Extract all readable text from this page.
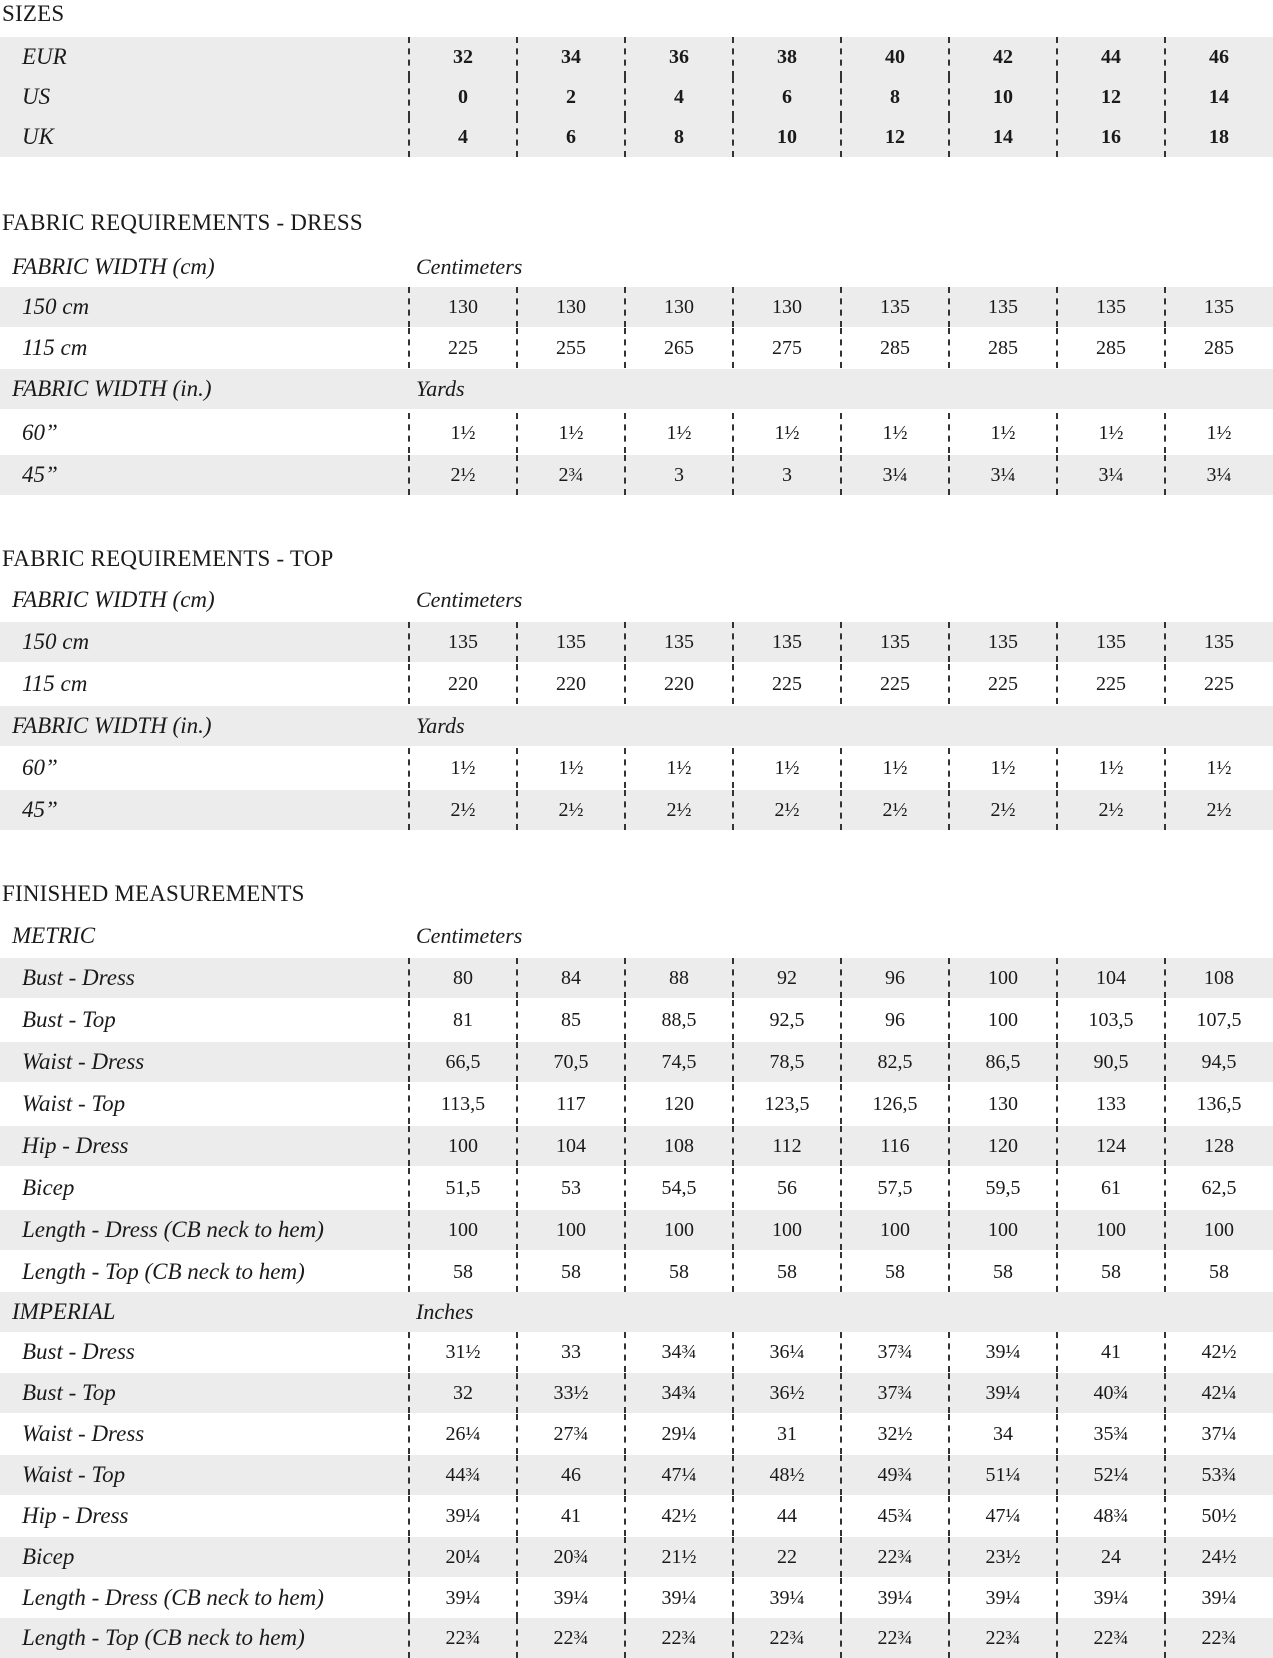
SIZES
EUR	32	34	36	38	40	42	44	46
US	0	2	4	6	8	10	12	14
UK	4	6	8	10	12	14	16	18
FABRIC REQUIREMENTS - DRESS
FABRIC WIDTH (cm)	Centimeters
150 cm	130	130	130	130	135	135	135	135
115 cm	225	255	265	275	285	285	285	285
FABRIC WIDTH (in.)	Yards
60”	1½	1½	1½	1½	1½	1½	1½	1½
45”	2½	2¾	3	3	3¼	3¼	3¼	3¼
FABRIC REQUIREMENTS - TOP
FABRIC WIDTH (cm)	Centimeters
150 cm	135	135	135	135	135	135	135	135
115 cm	220	220	220	225	225	225	225	225
FABRIC WIDTH (in.)	Yards
60”	1½	1½	1½	1½	1½	1½	1½	1½
45”	2½	2½	2½	2½	2½	2½	2½	2½
FINISHED MEASUREMENTS
METRIC	Centimeters
Bust - Dress	80	84	88	92	96	100	104	108
Bust - Top	81	85	88,5	92,5	96	100	103,5	107,5
Waist - Dress	66,5	70,5	74,5	78,5	82,5	86,5	90,5	94,5
Waist - Top	113,5	117	120	123,5	126,5	130	133	136,5
Hip - Dress	100	104	108	112	116	120	124	128
Bicep	51,5	53	54,5	56	57,5	59,5	61	62,5
Length - Dress (CB neck to hem)	100	100	100	100	100	100	100	100
Length - Top (CB neck to hem)	58	58	58	58	58	58	58	58
IMPERIAL	Inches
Bust - Dress	31½	33	34¾	36¼	37¾	39¼	41	42½
Bust - Top	32	33½	34¾	36½	37¾	39¼	40¾	42¼
Waist - Dress	26¼	27¾	29¼	31	32½	34	35¾	37¼
Waist - Top	44¾	46	47¼	48½	49¾	51¼	52¼	53¾
Hip - Dress	39¼	41	42½	44	45¾	47¼	48¾	50½
Bicep	20¼	20¾	21½	22	22¾	23½	24	24½
Length - Dress (CB neck to hem)	39¼	39¼	39¼	39¼	39¼	39¼	39¼	39¼
Length - Top (CB neck to hem)	22¾	22¾	22¾	22¾	22¾	22¾	22¾	22¾
